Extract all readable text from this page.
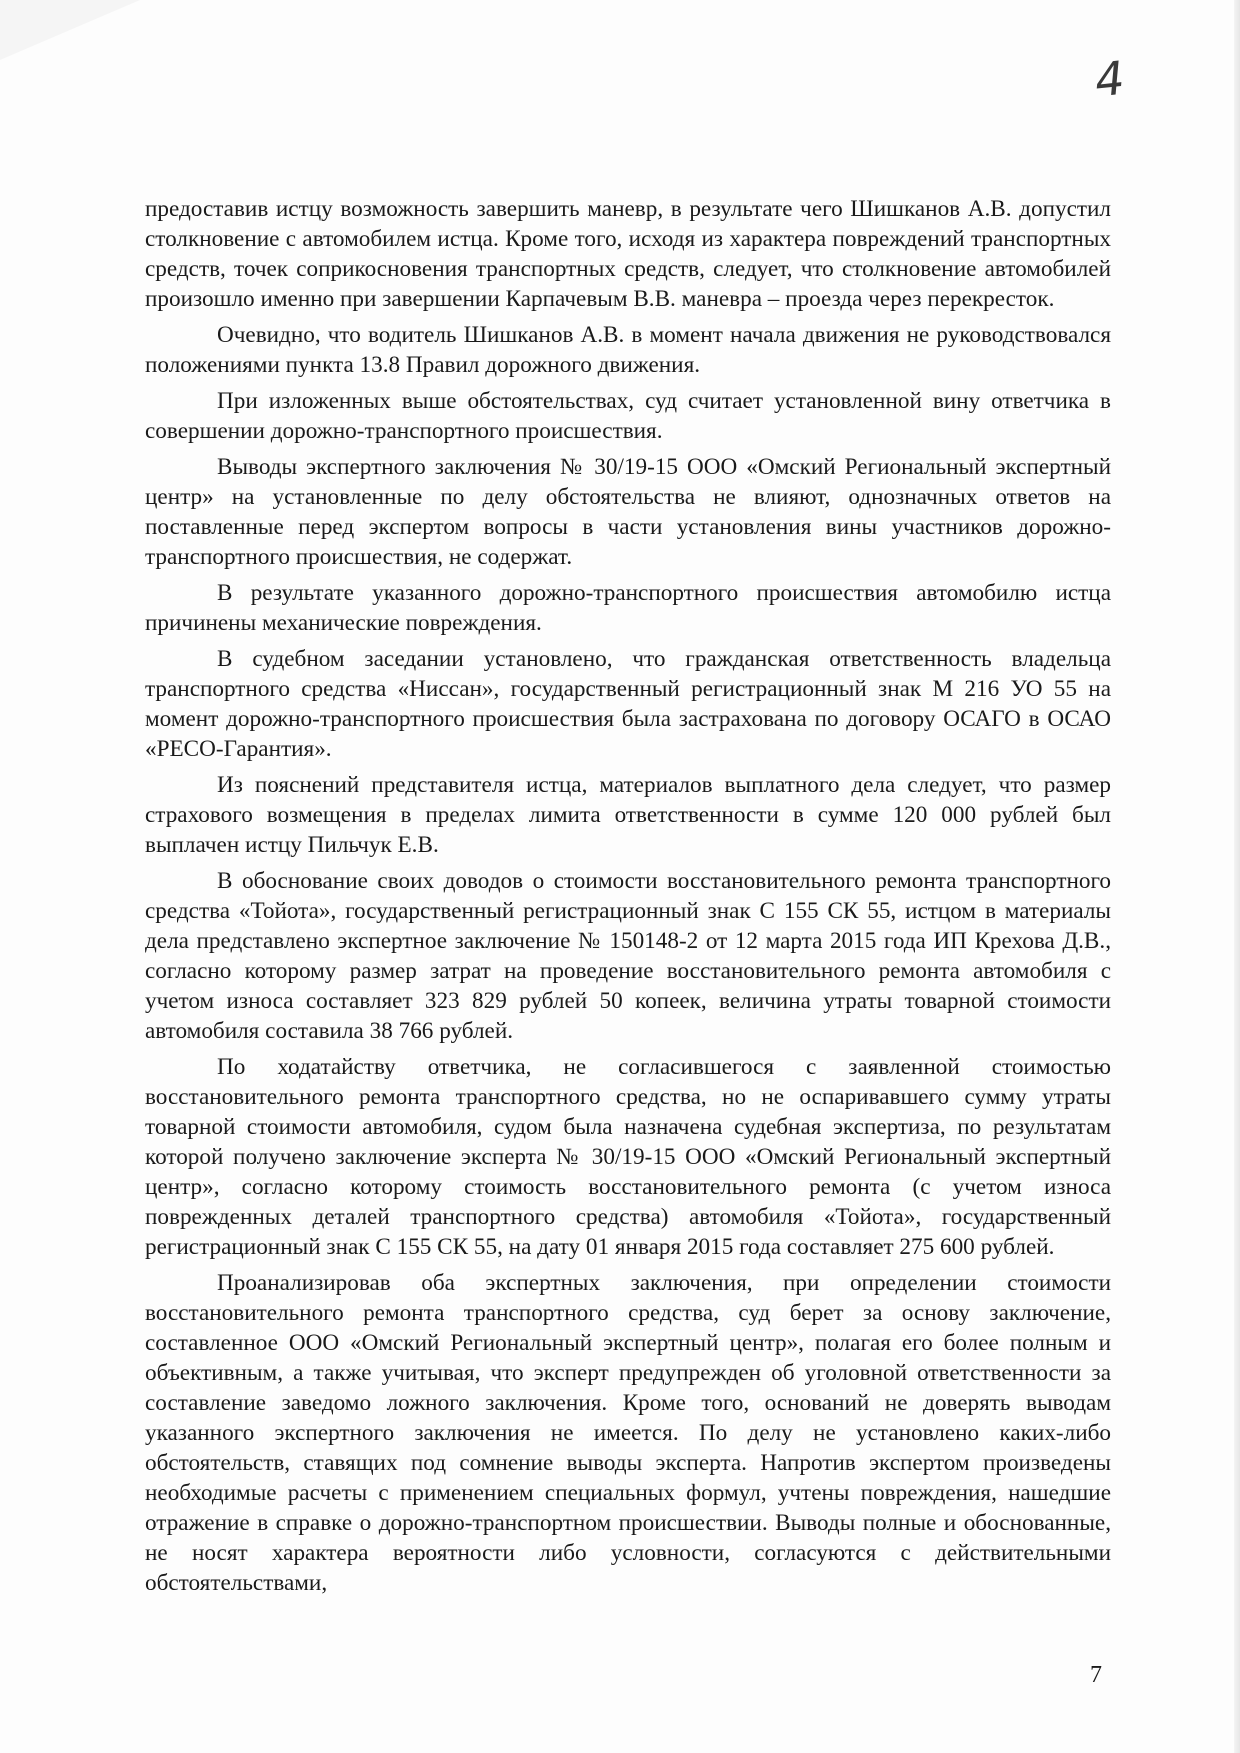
4

предоставив истцу возможность завершить маневр, в результате чего Шишканов А.В. допустил столкновение с автомобилем истца. Кроме того, исходя из характера повреждений транспортных средств, точек соприкосновения транспортных средств, следует, что столкновение автомобилей произошло именно при завершении Карпачевым В.В. маневра – проезда через перекресток.

Очевидно, что водитель Шишканов А.В. в момент начала движения не руководствовался положениями пункта 13.8 Правил дорожного движения.

При изложенных выше обстоятельствах, суд считает установленной вину ответчика в совершении дорожно-транспортного происшествия.

Выводы экспертного заключения № 30/19-15 ООО «Омский Региональный экспертный центр» на установленные по делу обстоятельства не влияют, однозначных ответов на поставленные перед экспертом вопросы в части установления вины участников дорожно-транспортного происшествия, не содержат.

В результате указанного дорожно-транспортного происшествия автомобилю истца причинены механические повреждения.

В судебном заседании установлено, что гражданская ответственность владельца транспортного средства «Ниссан», государственный регистрационный знак М 216 УО 55 на момент дорожно-транспортного происшествия была застрахована по договору ОСАГО в ОСАО «РЕСО-Гарантия».

Из пояснений представителя истца, материалов выплатного дела следует, что размер страхового возмещения в пределах лимита ответственности в сумме 120 000 рублей был выплачен истцу Пильчук Е.В.

В обоснование своих доводов о стоимости восстановительного ремонта транспортного средства «Тойота», государственный регистрационный знак С 155 СК 55, истцом в материалы дела представлено экспертное заключение № 150148-2 от 12 марта 2015 года ИП Крехова Д.В., согласно которому размер затрат на проведение восстановительного ремонта автомобиля с учетом износа составляет 323 829 рублей 50 копеек, величина утраты товарной стоимости автомобиля составила 38 766 рублей.

По ходатайству ответчика, не согласившегося с заявленной стоимостью восстановительного ремонта транспортного средства, но не оспаривавшего сумму утраты товарной стоимости автомобиля, судом была назначена судебная экспертиза, по результатам которой получено заключение эксперта № 30/19-15 ООО «Омский Региональный экспертный центр», согласно которому стоимость восстановительного ремонта (с учетом износа поврежденных деталей транспортного средства) автомобиля «Тойота», государственный регистрационный знак С 155 СК 55, на дату 01 января 2015 года составляет 275 600 рублей.

Проанализировав оба экспертных заключения, при определении стоимости восстановительного ремонта транспортного средства, суд берет за основу заключение, составленное ООО «Омский Региональный экспертный центр», полагая его более полным и объективным, а также учитывая, что эксперт предупрежден об уголовной ответственности за составление заведомо ложного заключения. Кроме того, оснований не доверять выводам указанного экспертного заключения не имеется. По делу не установлено каких-либо обстоятельств, ставящих под сомнение выводы эксперта. Напротив экспертом произведены необходимые расчеты с применением специальных формул, учтены повреждения, нашедшие отражение в справке о дорожно-транспортном происшествии. Выводы полные и обоснованные, не носят характера вероятности либо условности, согласуются с действительными обстоятельствами,

7
